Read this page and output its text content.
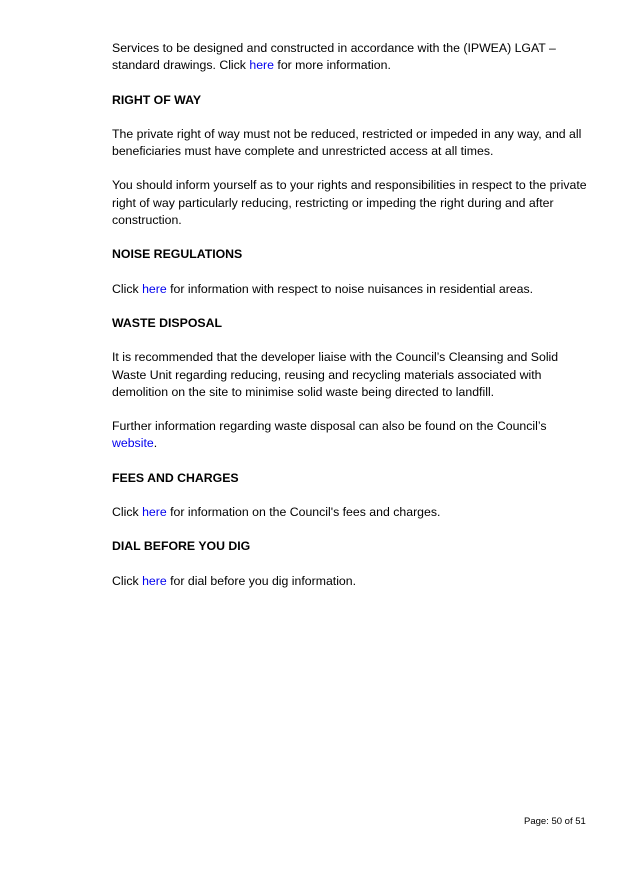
Services to be designed and constructed in accordance with the (IPWEA) LGAT – standard drawings. Click here for more information.

RIGHT OF WAY

The private right of way must not be reduced, restricted or impeded in any way, and all beneficiaries must have complete and unrestricted access at all times.

You should inform yourself as to your rights and responsibilities in respect to the private right of way particularly reducing, restricting or impeding the right during and after construction.

NOISE REGULATIONS

Click here for information with respect to noise nuisances in residential areas.

WASTE DISPOSAL

It is recommended that the developer liaise with the Council’s Cleansing and Solid Waste Unit regarding reducing, reusing and recycling materials associated with demolition on the site to minimise solid waste being directed to landfill.

Further information regarding waste disposal can also be found on the Council’s website.

FEES AND CHARGES

Click here for information on the Council's fees and charges.

DIAL BEFORE YOU DIG

Click here for dial before you dig information.

Page: 50 of 51
